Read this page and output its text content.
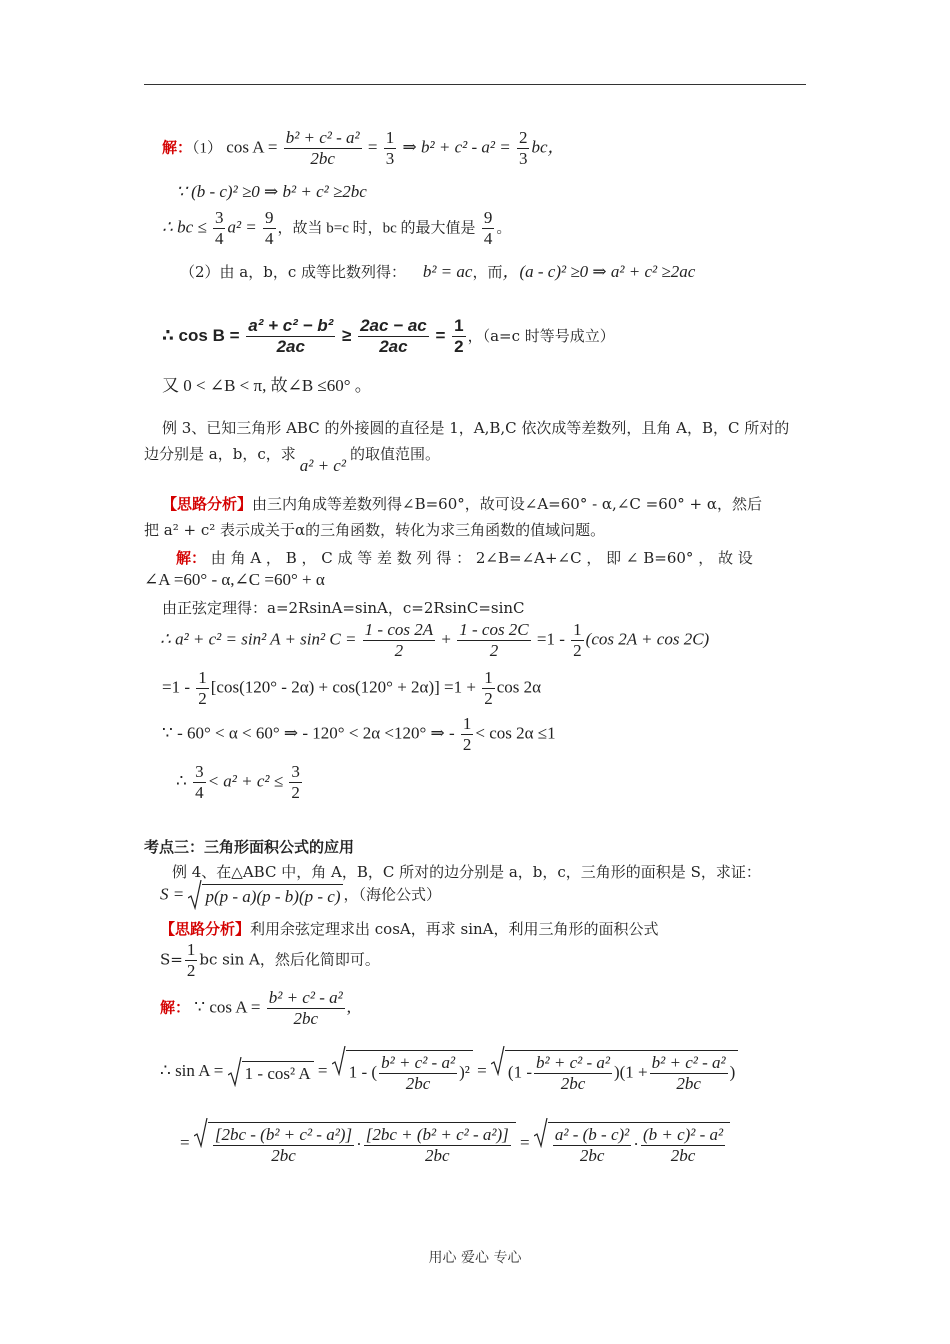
解：（1） $\cos A = \frac{\text{b² + c² - a²}}{2bc} = \frac{1}{3}$ ⇒ $b^2 + c^2 - a^2 = \frac{2}{3}$ bc，
∵ (b - c)² ≥0 ⇒ b² + c² ≥2bc
∴ bc ≤ $\frac{3}{4} a^2 = \frac{9}{4}$ ，故当 b=c 时，bc 的最大值是 $\frac{9}{4}$ 。
（2）由 a，b，c 成等比数列得： b² = ac，而，(a - c)² ≥0 ⇒ a² + c² ≥2ac
∴ $\cos B = \frac{\text{a² + c² − b²}}{2ac} \ge \frac{2ac - ac}{2ac} = \frac{1}{2}$ ，（a=c 时等号成立）
又 0 < ∠B < π, 故∠B ≤60° 。
例 3、已知三角形 ABC 的外接圆的直径是 1，A,B,C 依次成等差数列，且角 A，B，C 所对的
边分别是 a，b，c，求a² + c²的取值范围。
【思路分析】由三内角成等差数列得∠B=60°，故可设∠A=60° - α,∠C =60° + α，然后
把 a² + c² 表示成关于α的三角函数，转化为求三角函数的值域问题。
解： 由 角 A ， B ， C 成 等 差 数 列 得 ： 2∠B=∠A+∠C ， 即 ∠ B=60° ， 故 设
∠A =60° - α,∠C =60° + α
由正弦定理得：a=2RsinA=sinA，c=2RsinC=sinC
∴ a² + c² = sin² A + sin² $C = \frac{1 - \cos 2A}{2} + \frac{1 - \cos 2C}{2} =1 - \frac{1}{2} (\cos$ 2A + cos 2C)
$=1 - \frac{1}{2} [\cos(120^\circ - 2\alpha) + \cos(120^\circ + 2\alpha)] =1 + \frac{1}{2}$ cos 2α
∵ - 60° < α < 60° ⇒ - 120° < 2α <120° ⇒ - $\frac{1}{2} < \cos 2\alpha \le 1$
∴ $\frac{3}{4} < a^2 + c^2 \le \frac{3}{2}$
考点三：三角形面积公式的应用
例 4、在△ABC 中，角 A，B，C 所对的边分别是 a，b，c，三角形的面积是 S，求证：
S = p(p - a)(p - b)(p - c) ，（海伦公式）
【思路分析】利用余弦定理求出 cosA，再求 sinA，利用三角形的面积公式
$S= \frac{1}{2}$ bc sin A，然后化简即可。
解： ∵ $\cos A = \frac{\text{b² + c² - a²}}{2bc}$ ,
∴ sin A = 1 - cos² A = 1 - ( $\frac{\text{b² + c² - a²}}{2bc} )^2 = (1 - \frac{\text{b² + c² - a²}}{2bc} )(1 + \frac{\text{b² + c² - a²}}{2bc}$ )
= $\frac{\text{[2bc - (b² + c² - a²)]}}{2bc} \cdot \frac{\text{[2bc + (b² + c² - a²)]}}{2bc} = \frac{\text{a² - (b - c)²}}{2bc} \cdot \frac{\text{(b + c)² - a²}}{2bc}$
用心 爱心 专心
